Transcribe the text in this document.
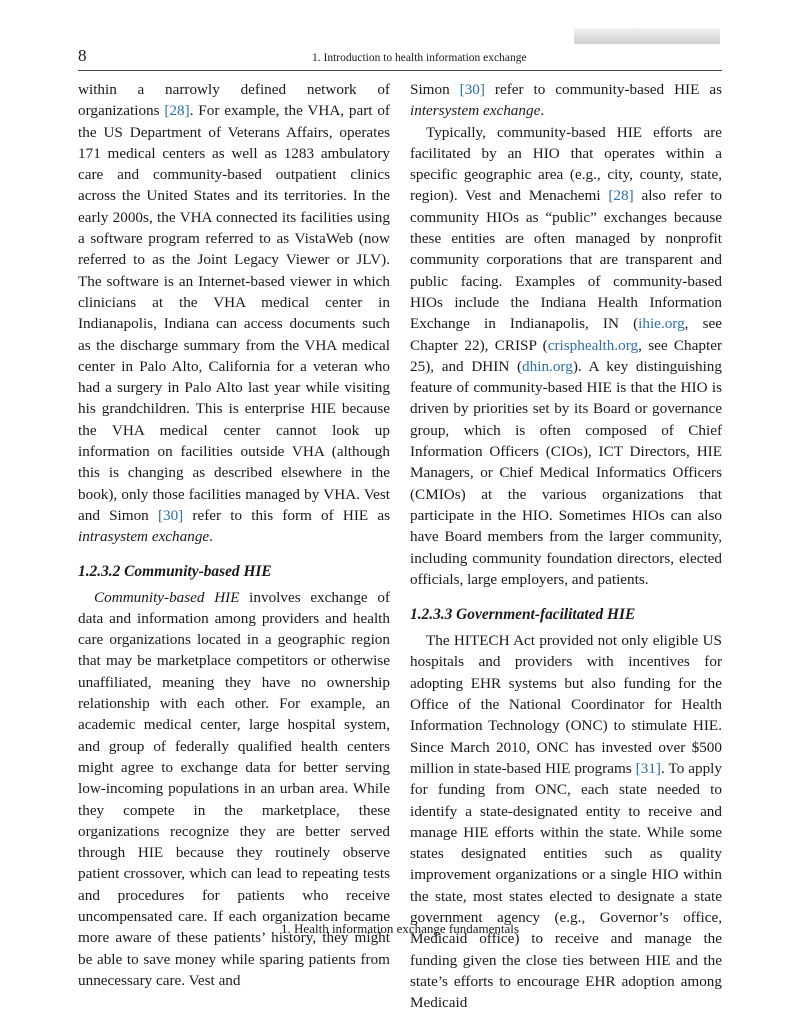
8	1. Introduction to health information exchange

within a narrowly defined network of organizations [28]. For example, the VHA, part of the US Department of Veterans Affairs, operates 171 medical centers as well as 1283 ambulatory care and community-based outpatient clinics across the United States and its territories. In the early 2000s, the VHA connected its facilities using a software program referred to as VistaWeb (now referred to as the Joint Legacy Viewer or JLV). The software is an Internet-based viewer in which clinicians at the VHA medical center in Indianapolis, Indiana can access documents such as the discharge summary from the VHA medical center in Palo Alto, California for a veteran who had a surgery in Palo Alto last year while visiting his grandchildren. This is enterprise HIE because the VHA medical center cannot look up information on facilities outside VHA (although this is changing as described elsewhere in the book), only those facilities managed by VHA. Vest and Simon [30] refer to this form of HIE as intrasystem exchange.

1.2.3.2 Community-based HIE

Community-based HIE involves exchange of data and information among providers and health care organizations located in a geographic region that may be marketplace competitors or otherwise unaffiliated, meaning they have no ownership relationship with each other. For example, an academic medical center, large hospital system, and group of federally qualified health centers might agree to exchange data for better serving low-incoming populations in an urban area. While they compete in the marketplace, these organizations recognize they are better served through HIE because they routinely observe patient crossover, which can lead to repeating tests and procedures for patients who receive uncompensated care. If each organization became more aware of these patients’ history, they might be able to save money while sparing patients from unnecessary care. Vest and

Simon [30] refer to community-based HIE as intersystem exchange.

Typically, community-based HIE efforts are facilitated by an HIO that operates within a specific geographic area (e.g., city, county, state, region). Vest and Menachemi [28] also refer to community HIOs as “public” exchanges because these entities are often managed by nonprofit community corporations that are transparent and public facing. Examples of community-based HIOs include the Indiana Health Information Exchange in Indianapolis, IN (ihie.org, see Chapter 22), CRISP (crisphealth.org, see Chapter 25), and DHIN (dhin.org). A key distinguishing feature of community-based HIE is that the HIO is driven by priorities set by its Board or governance group, which is often composed of Chief Information Officers (CIOs), ICT Directors, HIE Managers, or Chief Medical Informatics Officers (CMIOs) at the various organizations that participate in the HIO. Sometimes HIOs can also have Board members from the larger community, including community foundation directors, elected officials, large employers, and patients.

1.2.3.3 Government-facilitated HIE

The HITECH Act provided not only eligible US hospitals and providers with incentives for adopting EHR systems but also funding for the Office of the National Coordinator for Health Information Technology (ONC) to stimulate HIE. Since March 2010, ONC has invested over $500 million in state-based HIE programs [31]. To apply for funding from ONC, each state needed to identify a state-designated entity to receive and manage HIE efforts within the state. While some states designated entities such as quality improvement organizations or a single HIO within the state, most states elected to designate a state government agency (e.g., Governor’s office, Medicaid office) to receive and manage the funding given the close ties between HIE and the state’s efforts to encourage EHR adoption among Medicaid

1. Health information exchange fundamentals
